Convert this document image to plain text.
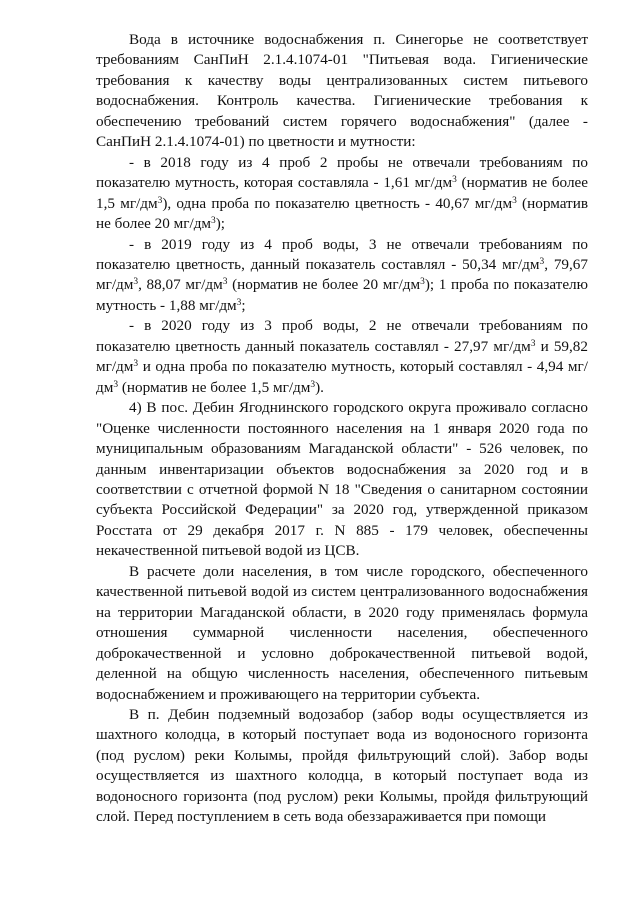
Вода в источнике водоснабжения п. Синегорье не соответствует требованиям СанПиН 2.1.4.1074-01 "Питьевая вода. Гигиенические требования к качеству воды централизованных систем питьевого водоснабжения. Контроль качества. Гигиенические требования к обеспечению требований систем горячего водоснабжения" (далее - СанПиН 2.1.4.1074-01) по цветности и мутности:

- в 2018 году из 4 проб 2 пробы не отвечали требованиям по показателю мутность, которая составляла - 1,61 $мг/дм^3$ (норматив не более 1,5 $мг/дм^3$), одна проба по показателю цветность - 40,67 $мг/дм^3$ (норматив не более 20 $мг/дм^3$);

- в 2019 году из 4 проб воды, 3 не отвечали требованиям по показателю цветность, данный показатель составлял - 50,34 $мг/дм^3$, 79,67 $мг/дм^3$, 88,07 $мг/дм^3$ (норматив не более 20 $мг/дм^3$); 1 проба по показателю мутность - 1,88 $мг/дм^3$;

- в 2020 году из 3 проб воды, 2 не отвечали требованиям по показателю цветность данный показатель составлял - 27,97 $мг/дм^3$ и 59,82 $мг/дм^3$ и одна проба по показателю мутность, который составлял - 4,94 $мг/дм^3$ (норматив не более 1,5 $мг/дм^3$).

4) В пос. Дебин Ягоднинского городского округа проживало согласно "Оценке численности постоянного населения на 1 января 2020 года по муниципальным образованиям Магаданской области" - 526 человек, по данным инвентаризации объектов водоснабжения за 2020 год и в соответствии с отчетной формой N 18 "Сведения о санитарном состоянии субъекта Российской Федерации" за 2020 год, утвержденной приказом Росстата от 29 декабря 2017 г. N 885 - 179 человек, обеспеченны некачественной питьевой водой из ЦСВ.

В расчете доли населения, в том числе городского, обеспеченного качественной питьевой водой из систем централизованного водоснабжения на территории Магаданской области, в 2020 году применялась формула отношения суммарной численности населения, обеспеченного доброкачественной и условно доброкачественной питьевой водой, деленной на общую численность населения, обеспеченного питьевым водоснабжением и проживающего на территории субъекта.

В п. Дебин подземный водозабор (забор воды осуществляется из шахтного колодца, в который поступает вода из водоносного горизонта (под руслом) реки Колымы, пройдя фильтрующий слой). Забор воды осуществляется из шахтного колодца, в который поступает вода из водоносного горизонта (под руслом) реки Колымы, пройдя фильтрующий слой. Перед поступлением в сеть вода обеззараживается при помощи
